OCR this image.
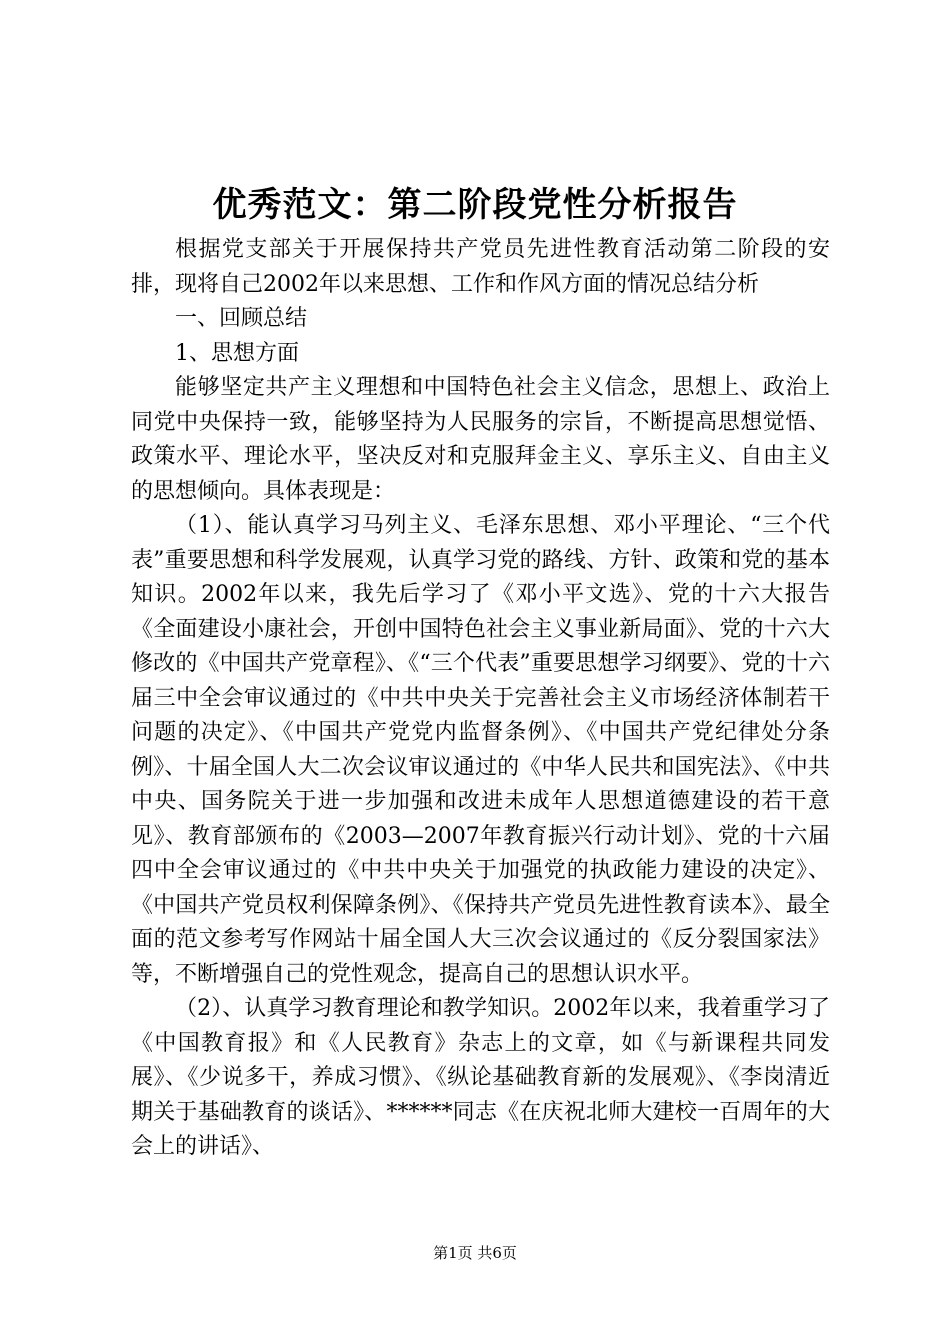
优秀范文：第二阶段党性分析报告

根据党支部关于开展保持共产党员先进性教育活动第二阶段的安排，现将自己2002年以来思想、工作和作风方面的情况总结分析

一、回顾总结

1、思想方面

能够坚定共产主义理想和中国特色社会主义信念，思想上、政治上同党中央保持一致，能够坚持为人民服务的宗旨，不断提高思想觉悟、政策水平、理论水平，坚决反对和克服拜金主义、享乐主义、自由主义的思想倾向。具体表现是：

（1）、能认真学习马列主义、毛泽东思想、邓小平理论、“三个代表”重要思想和科学发展观，认真学习党的路线、方针、政策和党的基本知识。2002年以来，我先后学习了《邓小平文选》、党的十六大报告《全面建设小康社会，开创中国特色社会主义事业新局面》、党的十六大修改的《中国共产党章程》、《“三个代表”重要思想学习纲要》、党的十六届三中全会审议通过的《中共中央关于完善社会主义市场经济体制若干问题的决定》、《中国共产党党内监督条例》、《中国共产党纪律处分条例》、十届全国人大二次会议审议通过的《中华人民共和国宪法》、《中共中央、国务院关于进一步加强和改进未成年人思想道德建设的若干意见》、教育部颁布的《2003—2007年教育振兴行动计划》、党的十六届四中全会审议通过的《中共中央关于加强党的执政能力建设的决定》、《中国共产党员权利保障条例》、《保持共产党员先进性教育读本》、最全面的范文参考写作网站十届全国人大三次会议通过的《反分裂国家法》等，不断增强自己的党性观念，提高自己的思想认识水平。

（2）、认真学习教育理论和教学知识。2002年以来，我着重学习了《中国教育报》和《人民教育》杂志上的文章，如《与新课程共同发展》、《少说多干，养成习惯》、《纵论基础教育新的发展观》、《李岗清近期关于基础教育的谈话》、******同志《在庆祝北师大建校一百周年的大会上的讲话》、

第1页 共6页
